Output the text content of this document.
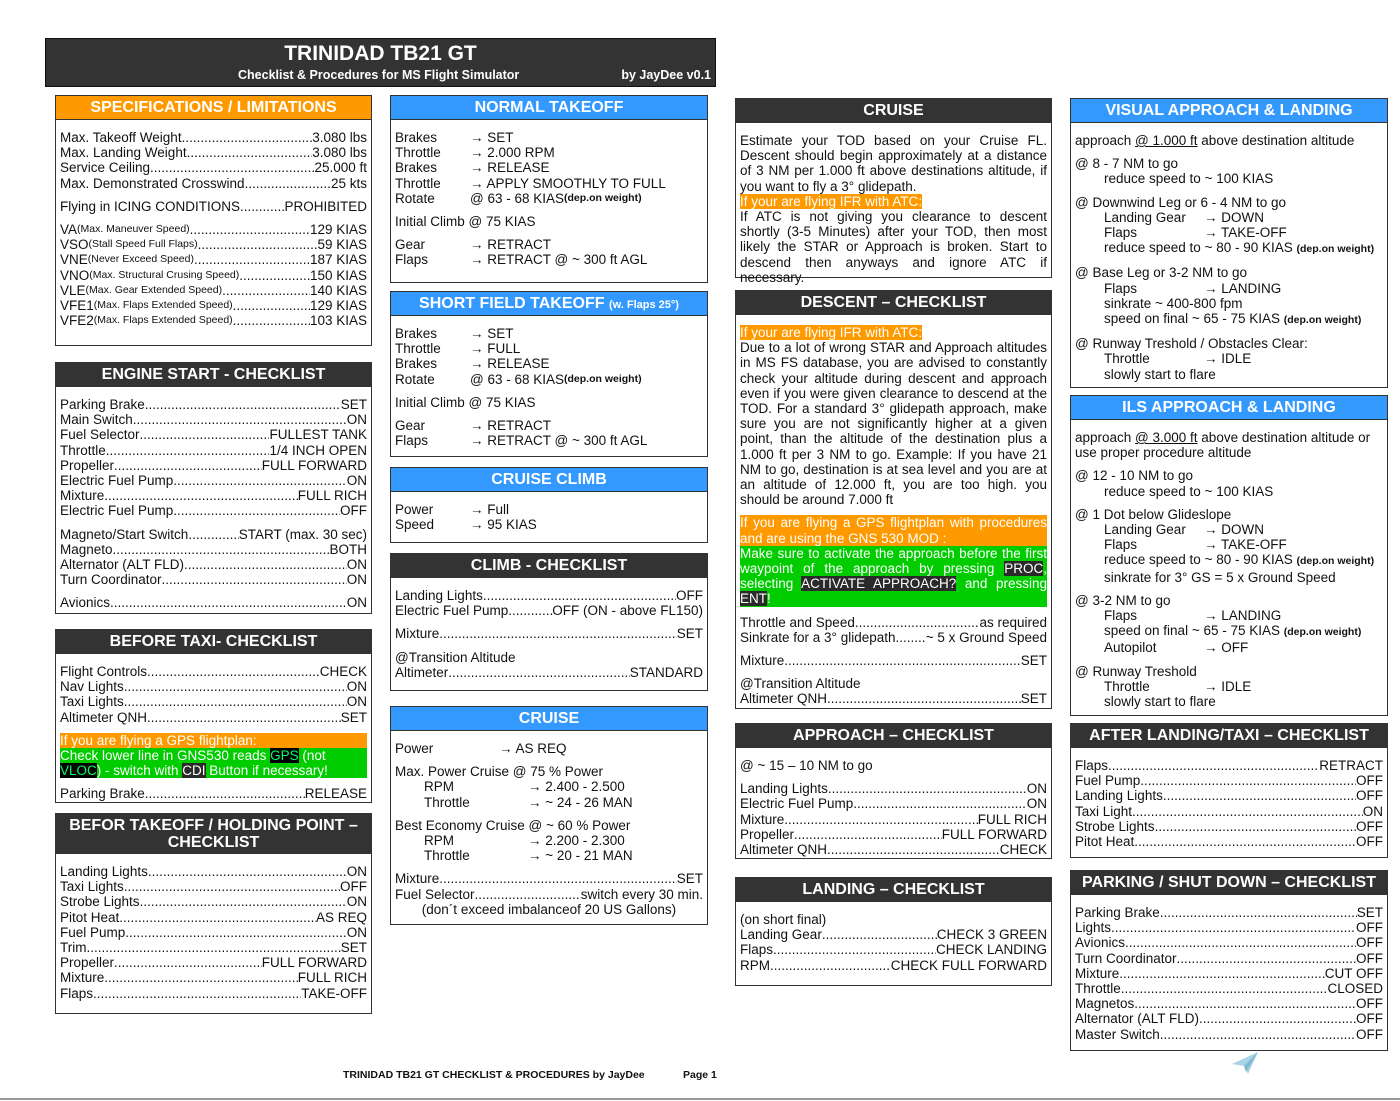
TRINIDAD TB21 GT
Checklist & Procedures for MS Flight Simulator	by JayDee v0.1
SPECIFICATIONS / LIMITATIONS
Max. Takeoff Weight .....	3.080 lbs
Max. Landing Weight .....	3.080 lbs
Service Ceiling .....	25.000 ft
Max. Demonstrated Crosswind .....	25 kts
Flying in ICING CONDITIONS .....	PROHIBITED
VA (Max. Maneuver Speed) .....	129 KIAS
VSO (Stall Speed Full Flaps) .....	59 KIAS
VNE (Never Exceed Speed) .....	187 KIAS
VNO (Max. Structural Crusing Speed) .....	150 KIAS
VLE (Max. Gear Extended Speed) .....	140 KIAS
VFE1 (Max. Flaps Extended Speed) .....	129 KIAS
VFE2 (Max. Flaps Extended Speed) .....	103 KIAS
ENGINE START - CHECKLIST
Parking Brake .....	SET
Main Switch .....	ON
Fuel Selector .....	FULLEST TANK
Throttle .....	1/4 INCH OPEN
Propeller .....	FULL FORWARD
Electric Fuel Pump .....	ON
Mixture .....	FULL RICH
Electric Fuel Pump .....	OFF
Magneto/Start Switch .....	START (max. 30 sec)
Magneto .....	BOTH
Alternator (ALT FLD) .....	ON
Turn Coordinator .....	ON
Avionics .....	ON
BEFORE TAXI- CHECKLIST
Flight Controls .....	CHECK
Nav Lights .....	ON
Taxi Lights .....	ON
Altimeter QNH .....	SET
If you are flying a GPS flightplan:
Check lower line in GNS530 reads GPS (not VLOC) - switch with CDI Button if necessary!
Parking Brake .....	RELEASE
BEFOR TAKEOFF / HOLDING POINT – CHECKLIST
Landing Lights .....	ON
Taxi Lights .....	OFF
Strobe Lights .....	ON
Pitot Heat .....	AS REQ
Fuel Pump .....	ON
Trim .....	SET
Propeller .....	FULL FORWARD
Mixture .....	FULL RICH
Flaps .....	TAKE-OFF
NORMAL TAKEOFF
Brakes	→ SET
Throttle	→ 2.000 RPM
Brakes	→ RELEASE
Throttle	→ APPLY SMOOTHLY TO FULL
Rotate	@ 63 - 68 KIAS (dep.on weight)
Initial Climb @ 75 KIAS
Gear	→ RETRACT
Flaps	→ RETRACT @ ~ 300 ft AGL
SHORT FIELD TAKEOFF (w. Flaps 25°)
Brakes	→ SET
Throttle	→ FULL
Brakes	→ RELEASE
Rotate	@ 63 - 68 KIAS (dep.on weight)
Initial Climb @ 75 KIAS
Gear	→ RETRACT
Flaps	→ RETRACT @ ~ 300 ft AGL
CRUISE CLIMB
Power	→ Full
Speed	→ 95 KIAS
CLIMB - CHECKLIST
Landing Lights .....	OFF
Electric Fuel Pump .....	OFF (ON - above FL150)
Mixture .....	SET
@Transition Altitude
Altimeter .....	STANDARD
CRUISE
Power	→ AS REQ
Max. Power Cruise @ 75 % Power
RPM	→ 2.400 - 2.500
Throttle	→ ~ 24 - 26 MAN
Best Economy Cruise @ ~ 60 % Power
RPM	→ 2.200 - 2.300
Throttle	→ ~ 20 - 21 MAN
Mixture .....	SET
Fuel Selector .....	switch every 30 min.
(don´t exceed imbalanceof 20 US Gallons)
CRUISE
Estimate your TOD based on your Cruise FL. Descent should begin approximately at a distance of 3 NM per 1.000 ft above destinations altitude, if you want to fly a 3° glidepath.
If your are flying IFR with ATC:
If ATC is not giving you clearance to descent shortly (3-5 Minutes) after your TOD, then most likely the STAR or Approach is broken. Start to descend then anyways and ignore ATC if necessary.
DESCENT – CHECKLIST
If your are flying IFR with ATC:
Due to a lot of wrong STAR and Approach altitudes in MS FS database, you are advised to constantly check your altitude during descent and approach even if you were given clearance to descend at the TOD. For a standard 3° glidepath approach, make sure you are not significantly higher at a given point, than the altitude of the destination plus a 1.000 ft per 3 NM to go. Example: If you have 21 NM to go, destination is at sea level and you are at an altitude of 12.000 ft, you are too high. you should be around 7.000 ft
If you are flying a GPS flightplan with procedures and are using the GNS 530 MOD :
Make sure to activate the approach before the first waypoint of the approach by pressing PROC, selecting ACTIVATE APPROACH? and pressing ENT!
Throttle and Speed .....	as required
Sinkrate for a 3° glidepath ..... ~ 5 x Ground Speed
Mixture .....	SET
@Transition Altitude
Altimeter QNH .....	SET
APPROACH – CHECKLIST
@ ~ 15 – 10 NM to go
Landing Lights .....	ON
Electric Fuel Pump .....	ON
Mixture .....	FULL RICH
Propeller .....	FULL FORWARD
Altimeter QNH .....	CHECK
LANDING – CHECKLIST
(on short final)
Landing Gear .....	CHECK 3 GREEN
Flaps .....	CHECK LANDING
RPM .....	CHECK FULL FORWARD
VISUAL APPROACH & LANDING
approach @ 1.000 ft above destination altitude
@ 8 - 7 NM to go
reduce speed to ~ 100 KIAS
@ Downwind Leg or 6 - 4 NM to go
Landing Gear	→ DOWN
Flaps	→ TAKE-OFF
reduce speed to ~ 80 - 90 KIAS (dep.on weight)
@ Base Leg or 3-2 NM to go
Flaps	→ LANDING
sinkrate ~ 400-800 fpm
speed on final ~ 65 - 75 KIAS (dep.on weight)
@ Runway Treshold / Obstacles Clear:
Throttle	→ IDLE
slowly start to flare
ILS APPROACH & LANDING
approach @ 3.000 ft above destination altitude or use proper procedure altitude
@ 12 - 10 NM to go
reduce speed to ~ 100 KIAS
@ 1 Dot below Glideslope
Landing Gear	→ DOWN
Flaps	→ TAKE-OFF
reduce speed to ~ 80 - 90 KIAS (dep.on weight)
sinkrate for 3° GS = 5 x Ground Speed
@ 3-2 NM to go
Flaps	→ LANDING
speed on final ~ 65 - 75 KIAS (dep.on weight)
Autopilot	→ OFF
@ Runway Treshold
Throttle	→ IDLE
slowly start to flare
AFTER LANDING/TAXI – CHECKLIST
Flaps .....	RETRACT
Fuel Pump .....	OFF
Landing Lights .....	OFF
Taxi Light .....	ON
Strobe Lights .....	OFF
Pitot Heat .....	OFF
PARKING / SHUT DOWN – CHECKLIST
Parking Brake .....	SET
Lights .....	OFF
Avionics .....	OFF
Turn Coordinator .....	OFF
Mixture .....	CUT OFF
Throttle .....	CLOSED
Magnetos .....	OFF
Alternator (ALT FLD) .....	OFF
Master Switch .....	OFF
TRINIDAD TB21 GT CHECKLIST & PROCEDURES by JayDee	Page 1
